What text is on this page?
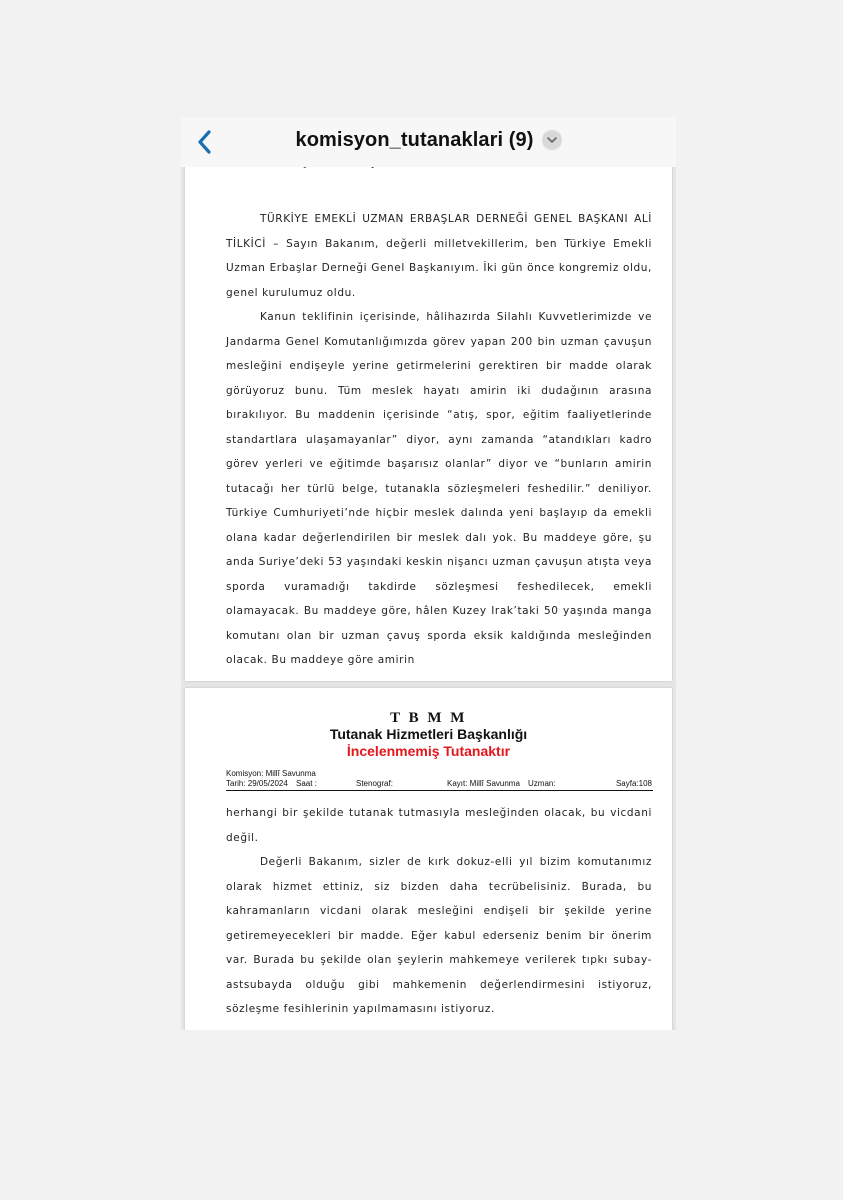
TÜRKİYE EMEKLİ UZMAN ERBAŞLAR DERNEĞİ GENEL BAŞKANI ALİ TİLKİCİ – Sayın Bakanım, değerli milletvekillerim, ben Türkiye Emekli Uzman Erbaşlar Derneği Genel Başkanıyım. İki gün önce kongremiz oldu, genel kurulumuz oldu.

Kanun teklifinin içerisinde, hâlihazırda Silahlı Kuvvetlerimizde ve Jandarma Genel Komutanlığımızda görev yapan 200 bin uzman çavuşun mesleğini endişeyle yerine getirmelerini gerektiren bir madde olarak görüyoruz bunu. Tüm meslek hayatı amirin iki dudağının arasına bırakılıyor. Bu maddenin içerisinde “atış, spor, eğitim faaliyetlerinde standartlara ulaşamayanlar” diyor, aynı zamanda “atandıkları kadro görev yerleri ve eğitimde başarısız olanlar” diyor ve “bunların amirin tutacağı her türlü belge, tutanakla sözleşmeleri feshedilir.” deniliyor. Türkiye Cumhuriyeti’nde hiçbir meslek dalında yeni başlayıp da emekli olana kadar değerlendirilen bir meslek dalı yok. Bu maddeye göre, şu anda Suriye’deki 53 yaşındaki keskin nişancı uzman çavuşun atışta veya sporda vuramadığı takdirde sözleşmesi feshedilecek, emekli olamayacak. Bu maddeye göre, hâlen Kuzey Irak’taki 50 yaşında manga komutanı olan bir uzman çavuş sporda eksik kaldığında mesleğinden olacak. Bu maddeye göre amirin

T B M M
Tutanak Hizmetleri Başkanlığı
İncelenmemiş Tutanaktır
Komisyon: Millî Savunma
Tarih: 29/05/2024 Saat :	Stenograf:	Kayıt: Millî Savunma Uzman:	Sayfa:108

herhangi bir şekilde tutanak tutmasıyla mesleğinden olacak, bu vicdani değil.

Değerli Bakanım, sizler de kırk dokuz-elli yıl bizim komutanımız olarak hizmet ettiniz, siz bizden daha tecrübelisiniz. Burada, bu kahramanların vicdani olarak mesleğini endişeli bir şekilde yerine getiremeyecekleri bir madde. Eğer kabul ederseniz benim bir önerim var. Burada bu şekilde olan şeylerin mahkemeye verilerek tıpkı subay-astsubayda olduğu gibi mahkemenin değerlendirmesini istiyoruz, sözleşme fesihlerinin yapılmamasını istiyoruz.

komisyon_tutanaklari (9)
